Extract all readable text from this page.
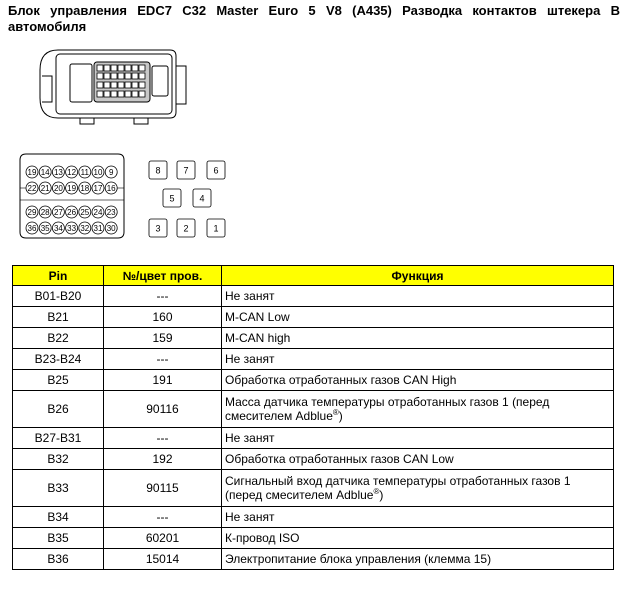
Блок управления EDC7 C32 Master Euro 5 V8 (A435) Разводка контактов штекера В автомобиля
19 14 13 12 11 10 9
22 21 20 19 18 17 16
29 28 27 26 25 24 23
36 35 34 33 32 31 30
8	7	6
5	4
3	2	1
Pin	№/цвет пров.	Функция
B01-B20	---	Не занят
B21	160	M-CAN Low
B22	159	M-CAN high
B23-B24	---	Не занят
B25	191	Обработка отработанных газов CAN High
B26	90116	Масса датчика температуры отработанных газов 1 (перед смесителем Adblue®)
B27-B31	---	Не занят
B32	192	Обработка отработанных газов CAN Low
B33	90115	Сигнальный вход датчика температуры отработанных газов 1 (перед смесителем Adblue®)
B34	---	Не занят
B35	60201	К-провод ISO
B36	15014	Электропитание блока управления (клемма 15)
